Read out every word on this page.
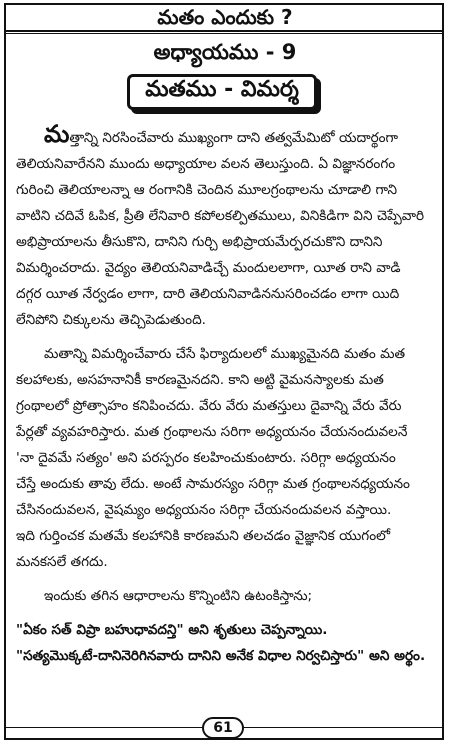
మతం ఎందుకు ?
అధ్యాయము - 9
మతము - విమర్శ
మత్తాన్ని నిరసించేవారు ముఖ్యంగా దాని తత్వమేమిటో యదార్థంగా
తెలియనివారేనని ముందు అధ్యాయాల వలన తెలుస్తుంది. ఏ విజ్ఞానరంగం
గురించి తెలియాలన్నా ఆ రంగానికి చెందిన మూలగ్రంథాలను చూడాలి గాని
వాటిని చదివే ఓపిక, ప్రీతి లేనివారి కపోలకల్పితములు, వినికిడిగా విని చెప్పేవారి
అభిప్రాయాలను తీసుకొని, దానిని గుర్చి అభిప్రాయమేర్పరచుకొని దానిని
విమర్శించరాదు. వైద్యం తెలియనివాడిచ్చే మందులలాగా, యీత రాని వాడి
దగ్గర యీత నేర్వడం లాగా, దారి తెలియనివాడిననుసరించడం లాగా యిది
లేనిపోని చిక్కులను తెచ్చిపెడుతుంది.
మతాన్ని విమర్శించేవారు చేసే ఫిర్యాదులలో ముఖ్యమైనది మతం మత
కలహాలకు, అసహనానికీ కారణమైనదని. కాని అట్టి వైమనస్యాలకు మత
గ్రంథాలలో ప్రోత్సాహం కనిపించదు. వేరు వేరు మతస్తులు దైవాన్ని వేరు వేరు
పేర్లతో వ్యవహరిస్తారు. మత గ్రంథాలను సరిగా అధ్యయనం చేయనందువలనే
'నా దైవమే సత్యం' అని పరస్పరం కలహించుకుంటారు. సరిగ్గా అధ్యయనం
చేస్తే అందుకు తావు లేదు. అంటే సామరస్యం సరిగ్గా మత గ్రంథాలనధ్యయనం
చేసినందువలన, వైషమ్యం అధ్యయనం సరిగ్గా చేయనందువలన వస్తాయి.
ఇది గుర్తించక మతమే కలహానికి కారణమని తలచడం వైజ్ఞానిక యుగంలో
మనకసలే తగదు.
ఇందుకు తగిన ఆధారాలను కొన్నింటిని ఉటంకిస్తాను;
"ఏకం సత్ విప్రా బహుధావదన్తి" అని శృతులు చెప్పన్నాయి.
"సత్యమొక్కటే-దానినెరిగినవారు దానిని అనేక విధాల నిర్వచిస్తారు" అని అర్థం.
61
